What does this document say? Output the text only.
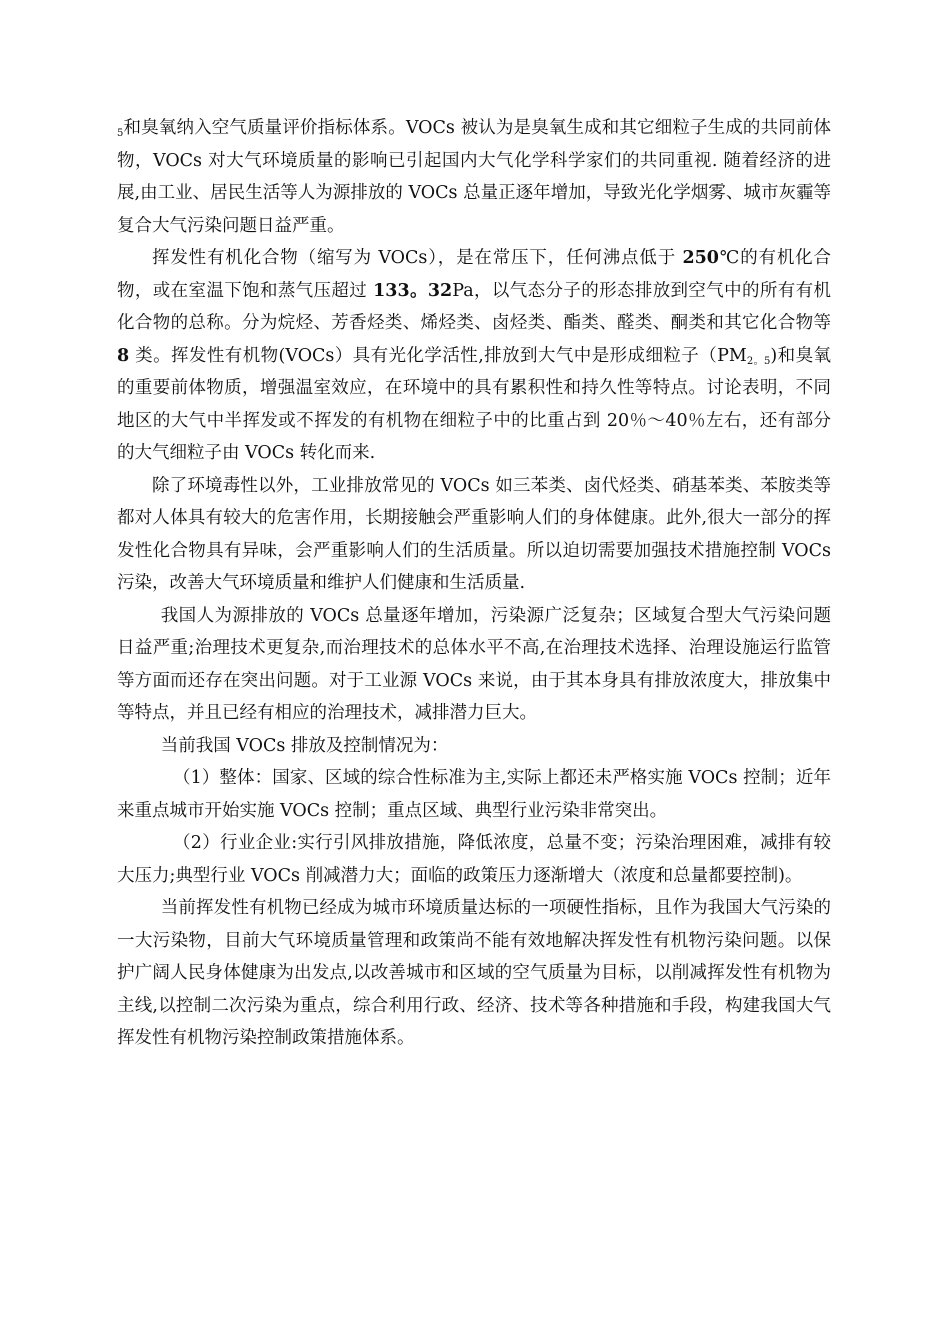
$_5$和臭氧纳入空气质量评价指标体系。VOCs 被认为是臭氧生成和其它细粒子生成的共同前体物，VOCs 对大气环境质量的影响已引起国内大气化学科学家们的共同重视. 随着经济的进展,由工业、居民生活等人为源排放的 VOCs 总量正逐年增加，导致光化学烟雾、城市灰霾等复合大气污染问题日益严重。

挥发性有机化合物（缩写为 VOCs），是在常压下，任何沸点低于 250℃的有机化合物，或在室温下饱和蒸气压超过 133。32Pa，以气态分子的形态排放到空气中的所有有机化合物的总称。分为烷烃、芳香烃类、烯烃类、卤烃类、酯类、醛类、酮类和其它化合物等 8 类。挥发性有机物(VOCs）具有光化学活性,排放到大气中是形成细粒子$(PM_{2。5})$和臭氧的重要前体物质，增强温室效应，在环境中的具有累积性和持久性等特点。讨论表明，不同地区的大气中半挥发或不挥发的有机物在细粒子中的比重占到 20％～40％左右，还有部分的大气细粒子由 VOCs 转化而来.

除了环境毒性以外，工业排放常见的 VOCs 如三苯类、卤代烃类、硝基苯类、苯胺类等都对人体具有较大的危害作用，长期接触会严重影响人们的身体健康。此外,很大一部分的挥发性化合物具有异味，会严重影响人们的生活质量。所以迫切需要加强技术措施控制 VOCs 污染，改善大气环境质量和维护人们健康和生活质量.

我国人为源排放的 VOCs 总量逐年增加，污染源广泛复杂；区域复合型大气污染问题日益严重;治理技术更复杂,而治理技术的总体水平不高,在治理技术选择、治理设施运行监管等方面而还存在突出问题。对于工业源 VOCs 来说，由于其本身具有排放浓度大，排放集中等特点，并且已经有相应的治理技术，减排潜力巨大。

当前我国 VOCs 排放及控制情况为：

（1）整体：国家、区域的综合性标准为主,实际上都还未严格实施 VOCs 控制；近年来重点城市开始实施 VOCs 控制；重点区域、典型行业污染非常突出。

（2）行业企业:实行引风排放措施，降低浓度，总量不变；污染治理困难，减排有较大压力;典型行业 VOCs 削减潜力大；面临的政策压力逐渐增大（浓度和总量都要控制)。

当前挥发性有机物已经成为城市环境质量达标的一项硬性指标，且作为我国大气污染的一大污染物，目前大气环境质量管理和政策尚不能有效地解决挥发性有机物污染问题。以保护广阔人民身体健康为出发点,以改善城市和区域的空气质量为目标，以削减挥发性有机物为主线,以控制二次污染为重点，综合利用行政、经济、技术等各种措施和手段，构建我国大气挥发性有机物污染控制政策措施体系。
